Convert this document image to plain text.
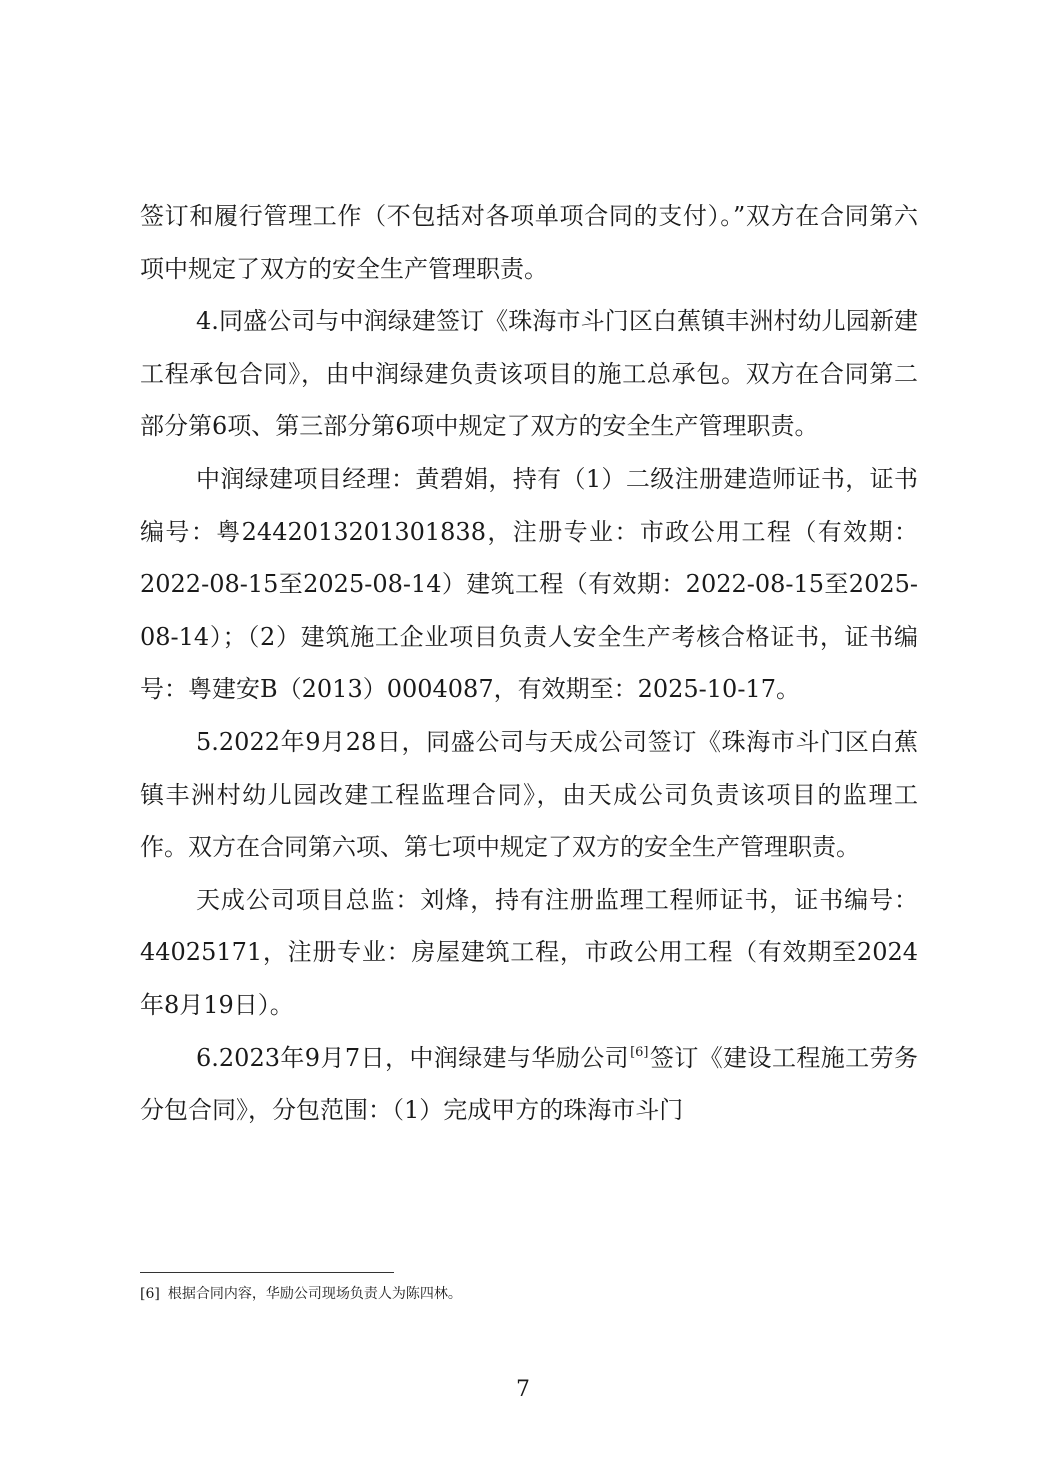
签订和履行管理工作（不包括对各项单项合同的支付）。”双方在合同第六项中规定了双方的安全生产管理职责。

4.同盛公司与中润绿建签订《珠海市斗门区白蕉镇丰洲村幼儿园新建工程承包合同》，由中润绿建负责该项目的施工总承包。双方在合同第二部分第6项、第三部分第6项中规定了双方的安全生产管理职责。

中润绿建项目经理：黄碧娟，持有（1）二级注册建造师证书，证书编号：粤2442013201301838，注册专业：市政公用工程（有效期：2022-08-15至2025-08-14）建筑工程（有效期：2022-08-15至2025-08-14）；（2）建筑施工企业项目负责人安全生产考核合格证书，证书编号：粤建安B（2013）0004087，有效期至：2025-10-17。

5.2022年9月28日，同盛公司与天成公司签订《珠海市斗门区白蕉镇丰洲村幼儿园改建工程监理合同》，由天成公司负责该项目的监理工作。双方在合同第六项、第七项中规定了双方的安全生产管理职责。

天成公司项目总监：刘烽，持有注册监理工程师证书，证书编号：44025171，注册专业：房屋建筑工程，市政公用工程（有效期至2024年8月19日）。

6.2023年9月7日，中润绿建与华励公司[6]签订《建设工程施工劳务分包合同》，分包范围：（1）完成甲方的珠海市斗门

[6] 根据合同内容，华励公司现场负责人为陈四林。
7
